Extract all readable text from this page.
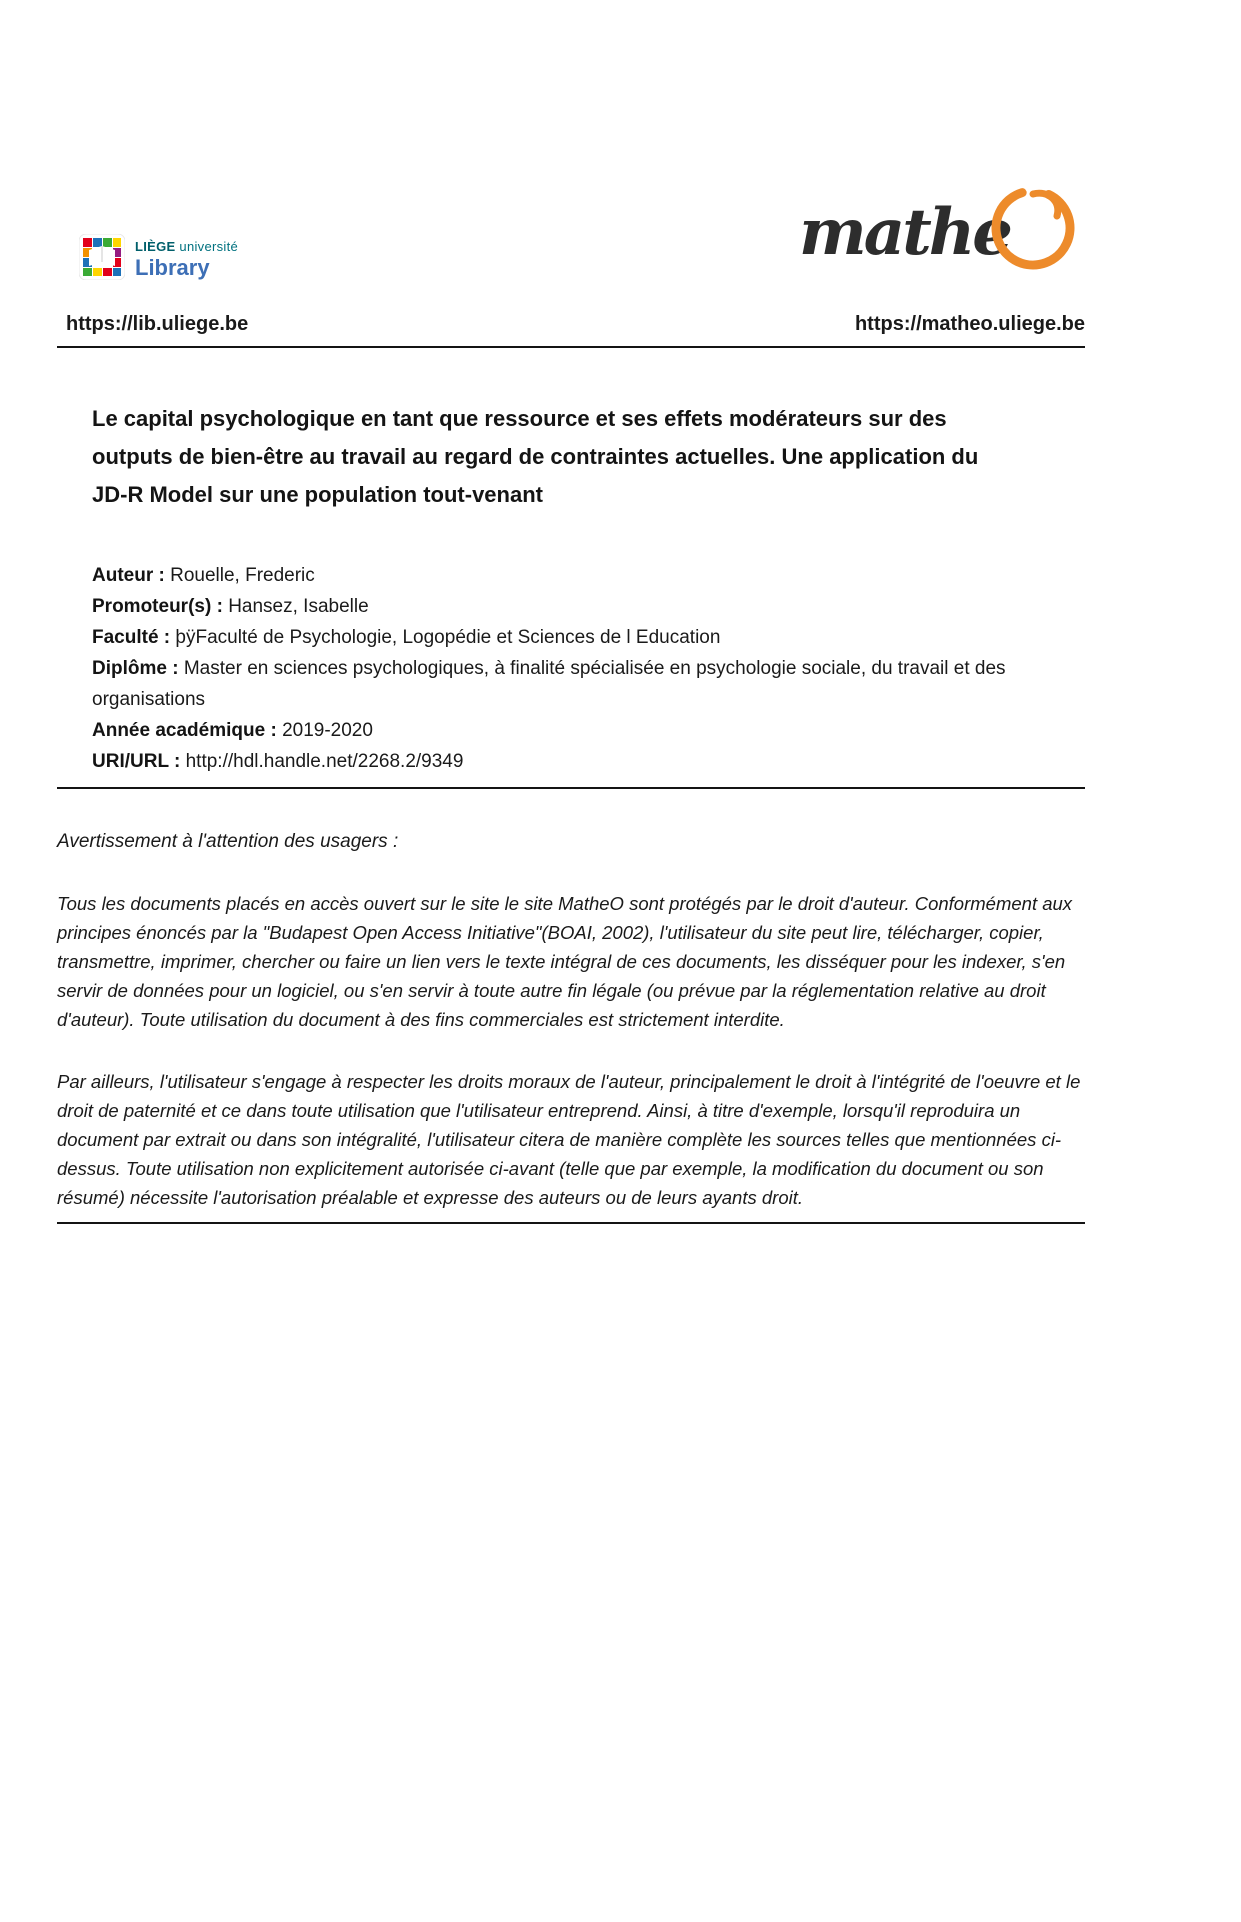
LIÈGE université
Library	mathe
https://lib.uliege.be	https://matheo.uliege.be
Le capital psychologique en tant que ressource et ses effets modérateurs sur des outputs de bien-être au travail au regard de contraintes actuelles. Une application du JD-R Model sur une population tout-venant

Auteur : Rouelle, Frederic

Promoteur(s) : Hansez, Isabelle

Faculté : þÿFaculté de Psychologie, Logopédie et Sciences de l Education

Diplôme : Master en sciences psychologiques, à finalité spécialisée en psychologie sociale, du travail et des organisations

Année académique : 2019-2020

URI/URL : http://hdl.handle.net/2268.2/9349

Avertissement à l'attention des usagers :

Tous les documents placés en accès ouvert sur le site le site MatheO sont protégés par le droit d'auteur. Conformément aux principes énoncés par la "Budapest Open Access Initiative"(BOAI, 2002), l'utilisateur du site peut lire, télécharger, copier, transmettre, imprimer, chercher ou faire un lien vers le texte intégral de ces documents, les disséquer pour les indexer, s'en servir de données pour un logiciel, ou s'en servir à toute autre fin légale (ou prévue par la réglementation relative au droit d'auteur). Toute utilisation du document à des fins commerciales est strictement interdite.

Par ailleurs, l'utilisateur s'engage à respecter les droits moraux de l'auteur, principalement le droit à l'intégrité de l'oeuvre et le droit de paternité et ce dans toute utilisation que l'utilisateur entreprend. Ainsi, à titre d'exemple, lorsqu'il reproduira un document par extrait ou dans son intégralité, l'utilisateur citera de manière complète les sources telles que mentionnées ci-dessus. Toute utilisation non explicitement autorisée ci-avant (telle que par exemple, la modification du document ou son résumé) nécessite l'autorisation préalable et expresse des auteurs ou de leurs ayants droit.
